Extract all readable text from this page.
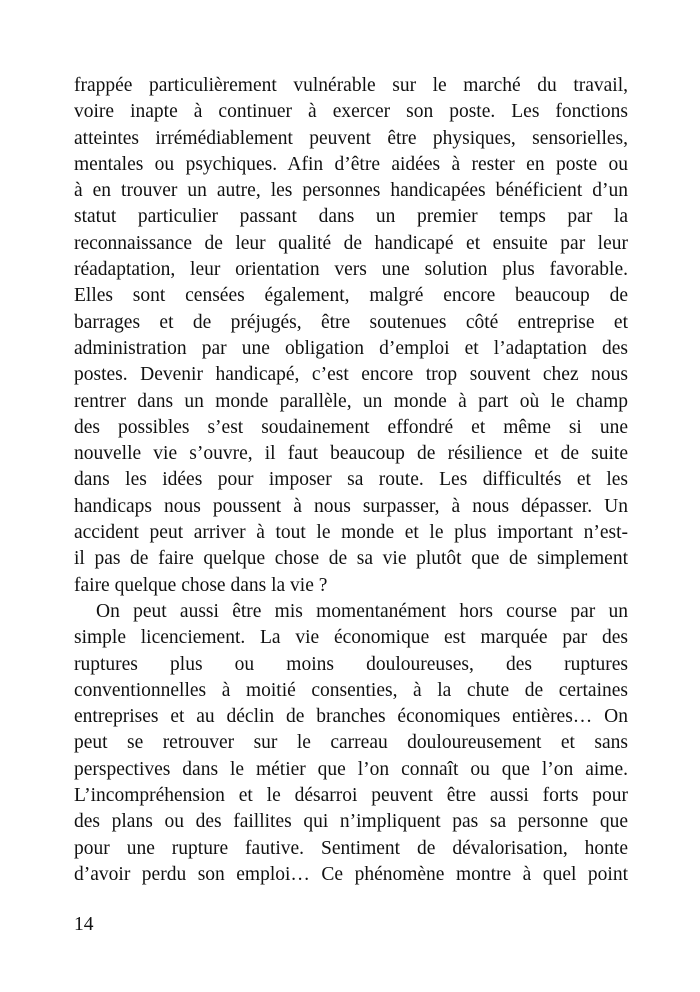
frappée particulièrement vulnérable sur le marché du travail,
voire inapte à continuer à exercer son poste. Les fonctions
atteintes irrémédiablement peuvent être physiques, sensorielles,
mentales ou psychiques. Afin d’être aidées à rester en poste ou
à en trouver un autre, les personnes handicapées bénéficient d’un
statut particulier passant dans un premier temps par la
reconnaissance de leur qualité de handicapé et ensuite par leur
réadaptation, leur orientation vers une solution plus favorable.
Elles sont censées également, malgré encore beaucoup de
barrages et de préjugés, être soutenues côté entreprise et
administration par une obligation d’emploi et l’adaptation des
postes. Devenir handicapé, c’est encore trop souvent chez nous
rentrer dans un monde parallèle, un monde à part où le champ
des possibles s’est soudainement effondré et même si une
nouvelle vie s’ouvre, il faut beaucoup de résilience et de suite
dans les idées pour imposer sa route. Les difficultés et les
handicaps nous poussent à nous surpasser, à nous dépasser. Un
accident peut arriver à tout le monde et le plus important n’est-
il pas de faire quelque chose de sa vie plutôt que de simplement
faire quelque chose dans la vie ?
On peut aussi être mis momentanément hors course par un
simple licenciement. La vie économique est marquée par des
ruptures plus ou moins douloureuses, des ruptures
conventionnelles à moitié consenties, à la chute de certaines
entreprises et au déclin de branches économiques entières… On
peut se retrouver sur le carreau douloureusement et sans
perspectives dans le métier que l’on connaît ou que l’on aime.
L’incompréhension et le désarroi peuvent être aussi forts pour
des plans ou des faillites qui n’impliquent pas sa personne que
pour une rupture fautive. Sentiment de dévalorisation, honte
d’avoir perdu son emploi… Ce phénomène montre à quel point
14
